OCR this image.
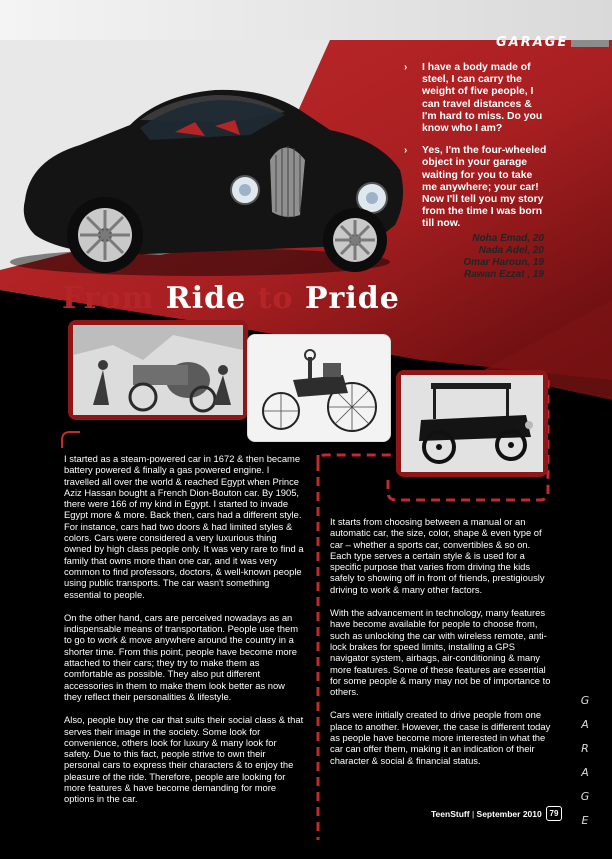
GARAGE
› I have a body made of steel, I can carry the weight of five people, I can travel distances & I'm hard to miss. Do you know who I am?
› Yes, I'm the four-wheeled object in your garage waiting for you to take me anywhere; your car! Now I'll tell you my story from the time I was born till now.
Noha Emad, 20
Nada Adel, 20
Omar Haroun, 19
Rawan Ezzat , 19
From Ride to Pride

I started as a steam-powered car in 1672 & then became battery powered & finally a gas powered engine. I travelled all over the world & reached Egypt when Prince Aziz Hassan bought a French Dion-Bouton car. By 1905, there were 166 of my kind in Egypt. I started to invade Egypt more & more. Back then, cars had a different style. For instance, cars had two doors & had limited styles & colors. Cars were considered a very luxurious thing owned by high class people only. It was very rare to find a family that owns more than one car, and it was very common to find professors, doctors, & well-known people using public transports. The car wasn't something essential to people.

On the other hand, cars are perceived nowadays as an indispensable means of transportation. People use them to go to work & move anywhere around the country in a shorter time. From this point, people have become more attached to their cars; they try to make them as comfortable as possible. They also put different accessories in them to make them look better as now they reflect their personalities & lifestyle.

Also, people buy the car that suits their social class & that serves their image in the society. Some look for convenience, others look for luxury & many look for safety. Due to this fact, people strive to own their personal cars to express their characters & to enjoy the pleasure of the ride. Therefore, people are looking for more features & have become demanding for more options in the car.

It starts from choosing between a manual or an automatic car, the size, color, shape & even type of car – whether a sports car, convertibles & so on. Each type serves a certain style & is used for a specific purpose that varies from driving the kids safely to showing off in front of friends, prestigiously driving to work & many other factors.

With the advancement in technology, many features have become available for people to choose from, such as unlocking the car with wireless remote, anti-lock brakes for speed limits, installing a GPS navigator system, airbags, air-conditioning & many more features. Some of these features are essential for some people & many may not be of importance to others.

Cars were initially created to drive people from one place to another. However, the case is different today as people have become more interested in what the car can offer them, making it an indication of their character & social & financial status.

G
A
R
A
G
E
TeenStuff | September 2010 79
